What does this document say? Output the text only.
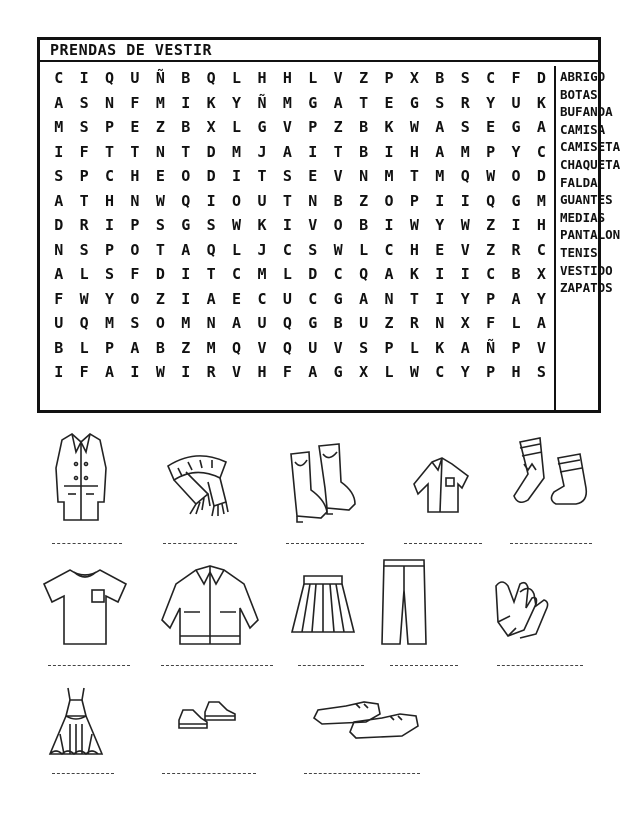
PRENDAS DE VESTIR
C	I	Q	U	Ñ	B	Q	L	H	H	L	V	Z	P	X	B	S	C	F	D
A	S	N	F	M	I	K	Y	Ñ	M	G	A	T	E	G	S	R	Y	U	K
M	S	P	E	Z	B	X	L	G	V	P	Z	B	K	W	A	S	E	G	A
I	F	T	T	N	T	D	M	J	A	I	T	B	I	H	A	M	P	Y	C
S	P	C	H	E	O	D	I	T	S	E	V	N	M	T	M	Q	W	O	D
A	T	H	N	W	Q	I	O	U	T	N	B	Z	O	P	I	I	Q	G	M
D	R	I	P	S	G	S	W	K	I	V	O	B	I	W	Y	W	Z	I	H
N	S	P	O	T	A	Q	L	J	C	S	W	L	C	H	E	V	Z	R	C
A	L	S	F	D	I	T	C	M	L	D	C	Q	A	K	I	I	C	B	X
F	W	Y	O	Z	I	A	E	C	U	C	G	A	N	T	I	Y	P	A	Y
U	Q	M	S	O	M	N	A	U	Q	G	B	U	Z	R	N	X	F	L	A
B	L	P	A	B	Z	M	Q	V	Q	U	V	S	P	L	K	A	Ñ	P	V
I	F	A	I	W	I	R	V	H	F	A	G	X	L	W	C	Y	P	H	S
ABRIGO
BOTAS
BUFANDA
CAMISA
CAMISETA
CHAQUETA
FALDA
GUANTES
MEDIAS
PANTALON
TENIS
VESTIDO
ZAPATOS
